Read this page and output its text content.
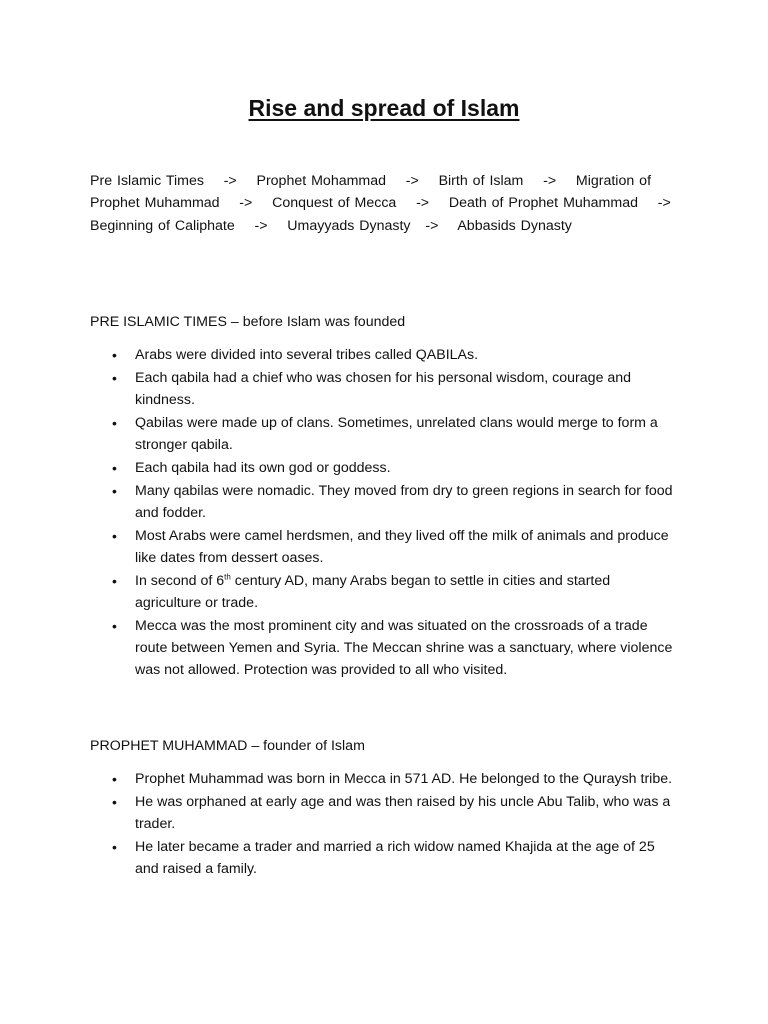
Rise and spread of Islam

Pre Islamic Times    ->    Prophet Mohammad    ->    Birth of Islam    ->    Migration of Prophet Muhammad    ->    Conquest of Mecca    ->    Death of Prophet Muhammad    ->    Beginning of Caliphate    ->    Umayyads Dynasty   ->    Abbasids Dynasty

PRE ISLAMIC TIMES – before Islam was founded

• Arabs were divided into several tribes called QABILAs.
• Each qabila had a chief who was chosen for his personal wisdom, courage and kindness.
• Qabilas were made up of clans. Sometimes, unrelated clans would merge to form a stronger qabila.
• Each qabila had its own god or goddess.
• Many qabilas were nomadic. They moved from dry to green regions in search for food and fodder.
• Most Arabs were camel herdsmen, and they lived off the milk of animals and produce like dates from dessert oases.
• In second of 6th century AD, many Arabs began to settle in cities and started agriculture or trade.
• Mecca was the most prominent city and was situated on the crossroads of a trade route between Yemen and Syria. The Meccan shrine was a sanctuary, where violence was not allowed. Protection was provided to all who visited.

PROPHET MUHAMMAD – founder of Islam

• Prophet Muhammad was born in Mecca in 571 AD. He belonged to the Quraysh tribe.
• He was orphaned at early age and was then raised by his uncle Abu Talib, who was a trader.
• He later became a trader and married a rich widow named Khajida at the age of 25 and raised a family.
